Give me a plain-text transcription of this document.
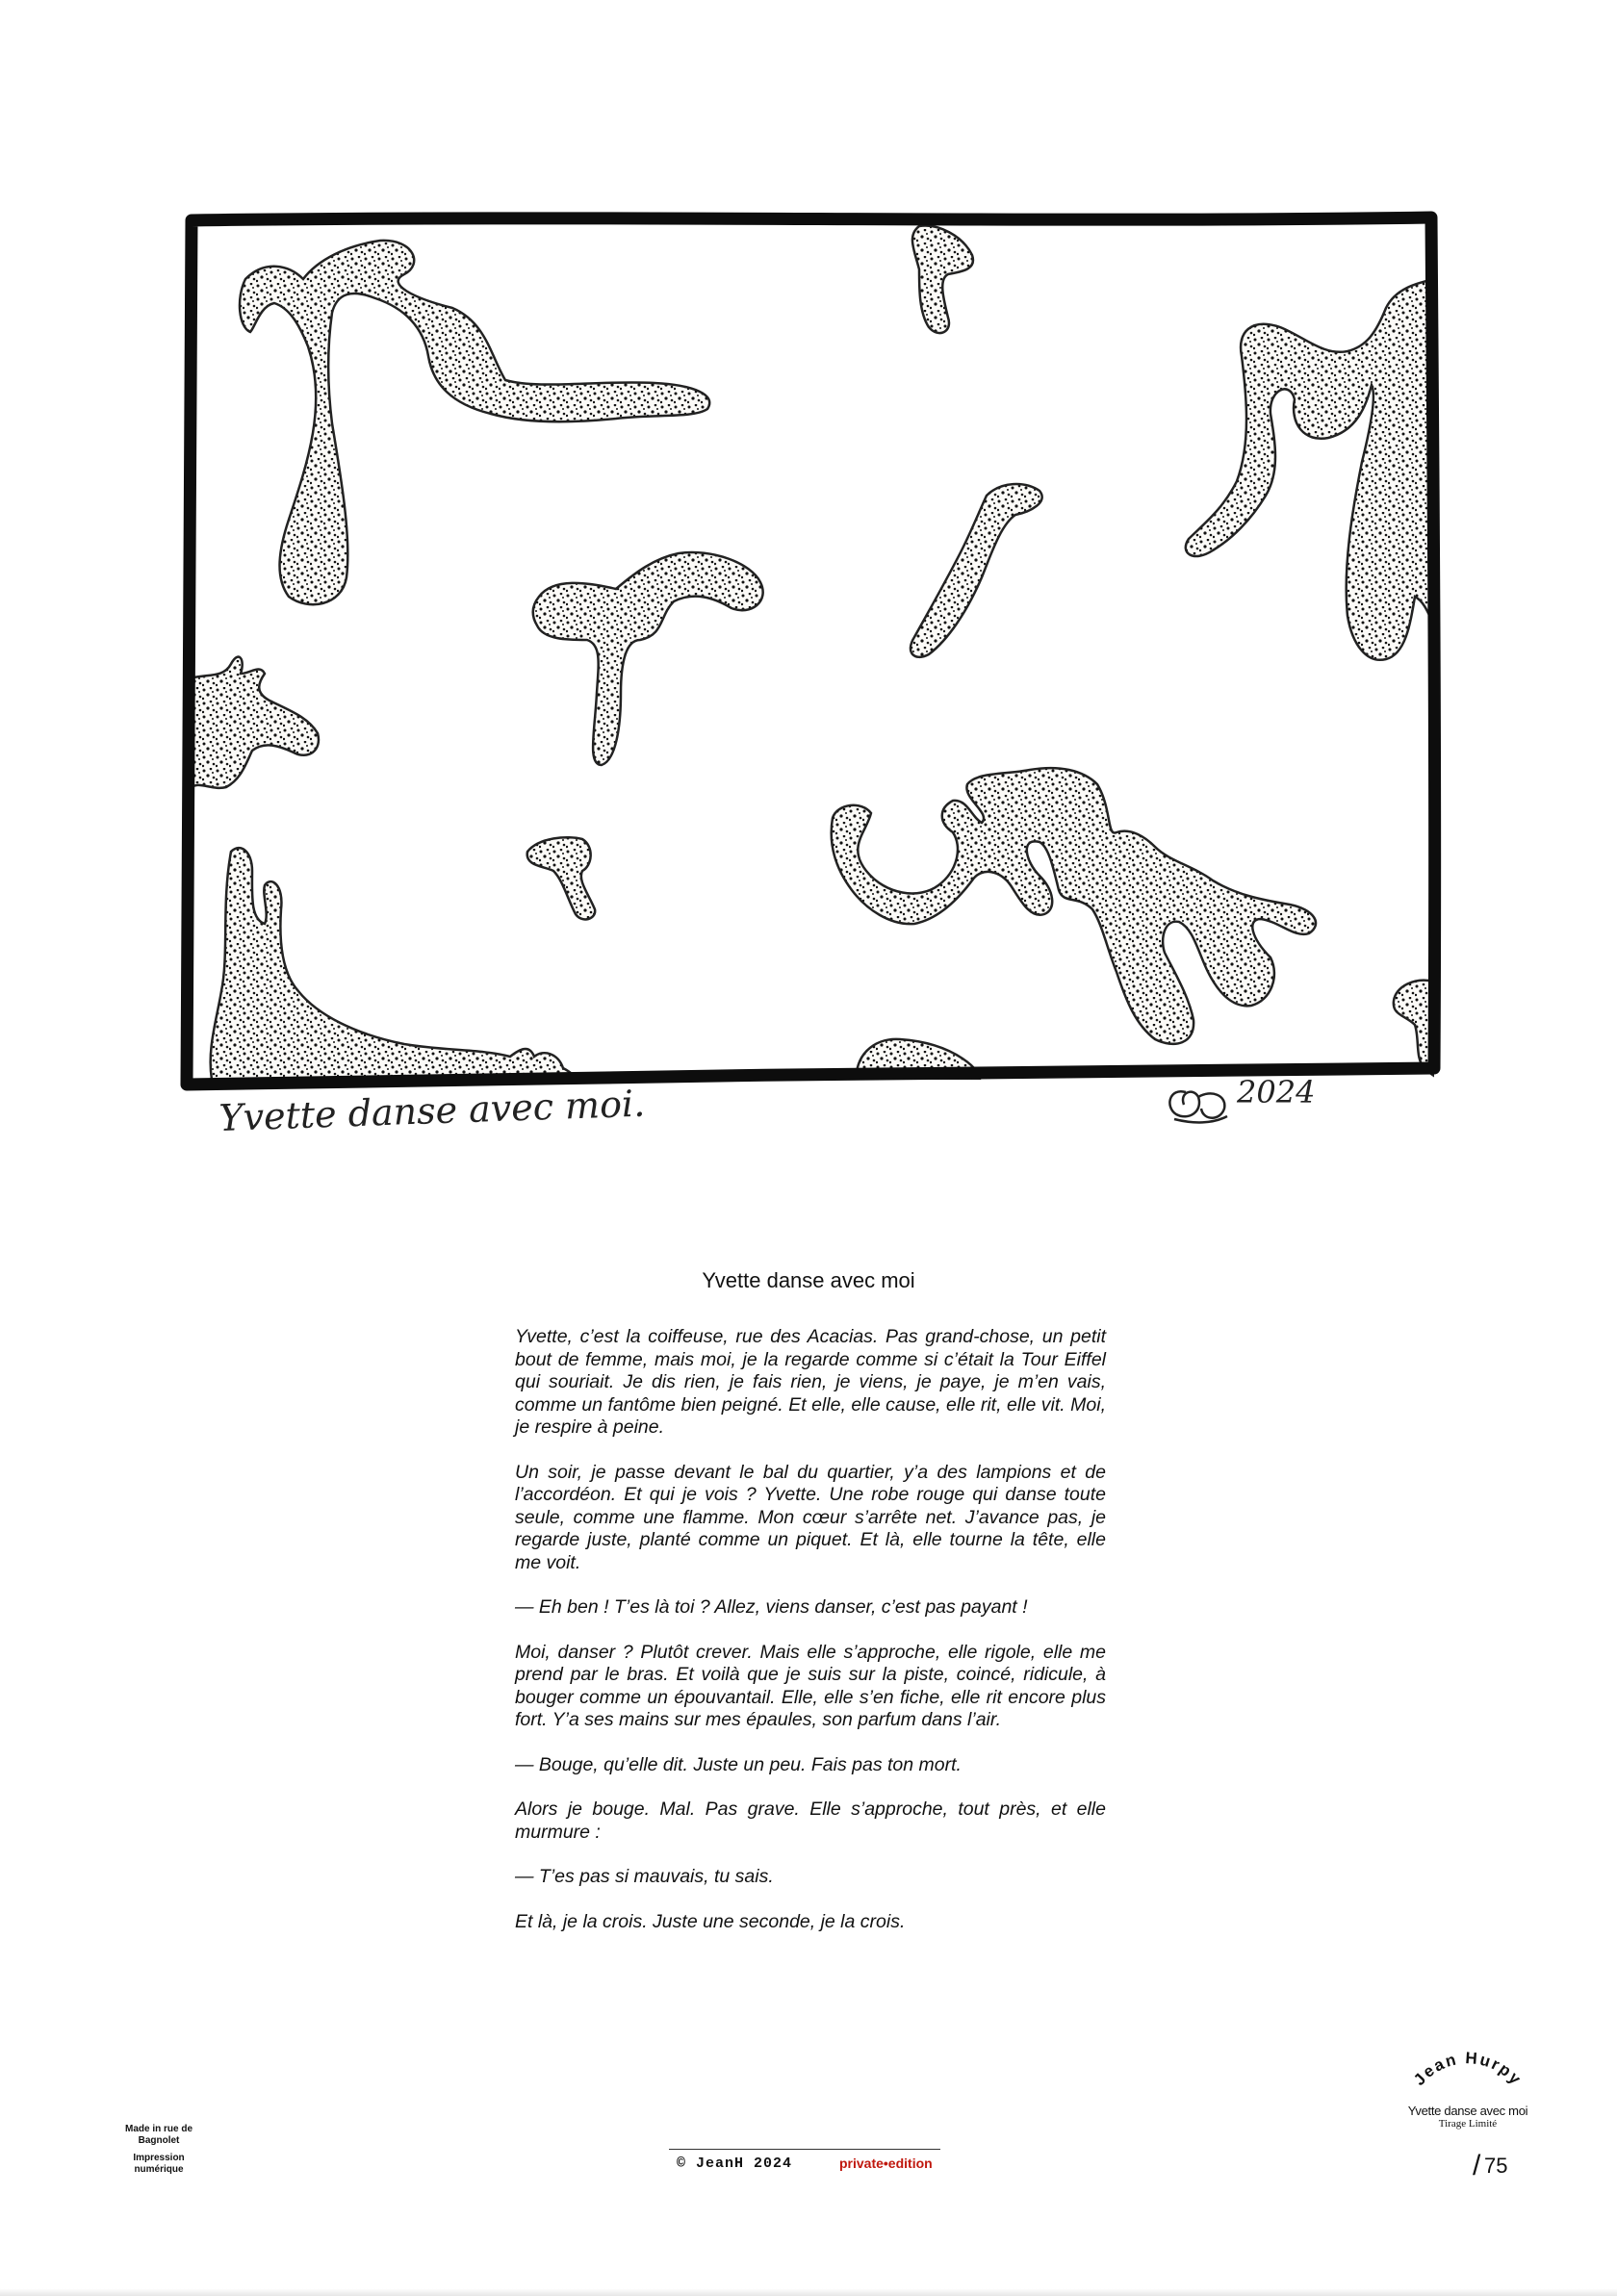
Yvette danse avec moi.	2024
Yvette danse avec moi

Yvette, c’est la coiffeuse, rue des Acacias. Pas grand-chose, un petit bout de femme, mais moi, je la regarde comme si c’était la Tour Eiffel qui souriait. Je dis rien, je fais rien, je viens, je paye, je m’en vais, comme un fantôme bien peigné. Et elle, elle cause, elle rit, elle vit. Moi, je respire à peine.

Un soir, je passe devant le bal du quartier, y’a des lampions et de l’accordéon. Et qui je vois ? Yvette. Une robe rouge qui danse toute seule, comme une flamme. Mon cœur s’arrête net. J’avance pas, je regarde juste, planté comme un piquet. Et là, elle tourne la tête, elle me voit.

— Eh ben ! T’es là toi ? Allez, viens danser, c’est pas payant !

Moi, danser ? Plutôt crever. Mais elle s’approche, elle rigole, elle me prend par le bras. Et voilà que je suis sur la piste, coincé, ridicule, à bouger comme un épouvantail. Elle, elle s’en fiche, elle rit encore plus fort. Y’a ses mains sur mes épaules, son parfum dans l’air.

— Bouge, qu’elle dit. Juste un peu. Fais pas ton mort.

Alors je bouge. Mal. Pas grave. Elle s’approche, tout près, et elle murmure :

— T’es pas si mauvais, tu sais.

Et là, je la crois. Juste une seconde, je la crois.

Made in rue de Bagnolet
Impression numérique	© JeanH 2024	private•edition
Jean Hurpy
Yvette danse avec moi
Tirage Limité
/ 75
